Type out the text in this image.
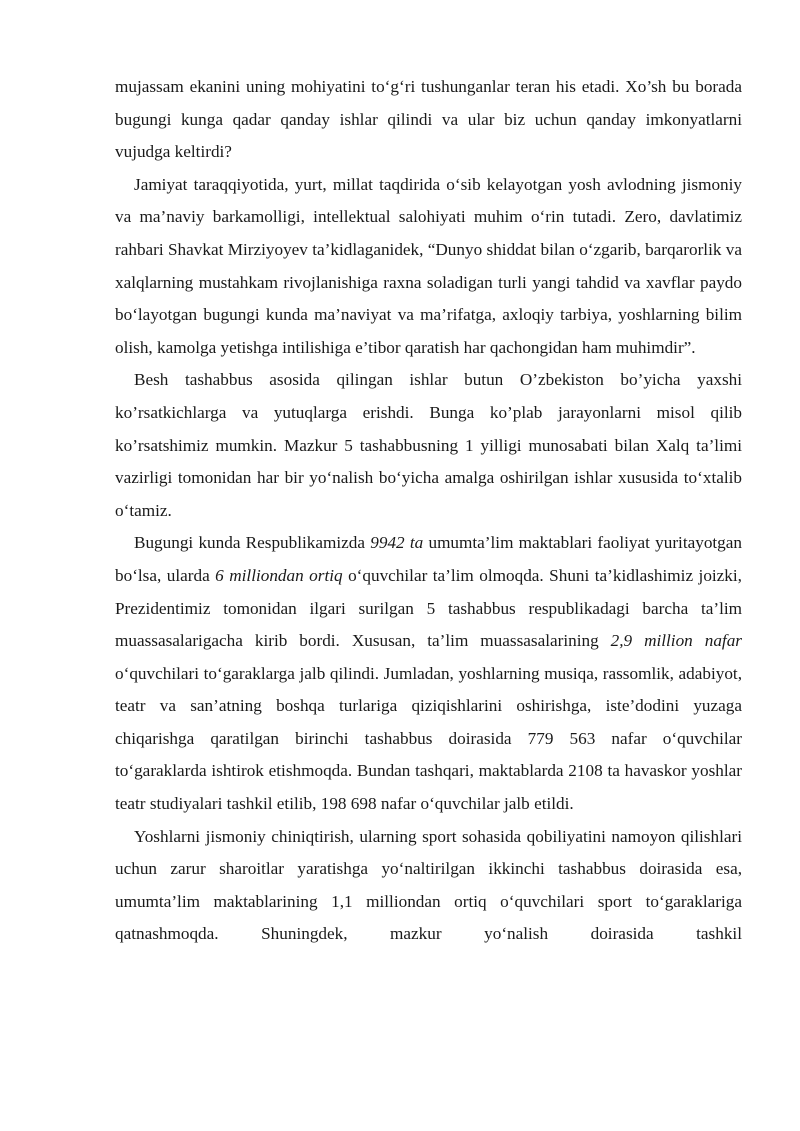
mujassam ekanini uning mohiyatini to‘g‘ri tushunganlar teran his etadi. Xo’sh bu borada bugungi kunga qadar qanday ishlar qilindi va ular biz uchun qanday imkonyatlarni vujudga keltirdi?

Jamiyat taraqqiyotida, yurt, millat taqdirida o‘sib kelayotgan yosh avlodning jismoniy va ma’naviy barkamolligi, intellektual salohiyati muhim o‘rin tutadi. Zero, davlatimiz rahbari Shavkat Mirziyoyev ta’kidlaganidek, “Dunyo shiddat bilan o‘zgarib, barqarorlik va xalqlarning mustahkam rivojlanishiga raxna soladigan turli yangi tahdid va xavflar paydo bo‘layotgan bugungi kunda ma’naviyat va ma’rifatga, axloqiy tarbiya, yoshlarning bilim olish, kamolga yetishga intilishiga e’tibor qaratish har qachongidan ham muhimdir”.

Besh tashabbus asosida qilingan ishlar butun O’zbekiston bo’yicha yaxshi ko’rsatkichlarga va yutuqlarga erishdi. Bunga ko’plab jarayonlarni misol qilib ko’rsatshimiz mumkin. Mazkur 5 tashabbusning 1 yilligi munosabati bilan Xalq ta’limi vazirligi tomonidan har bir yo‘nalish bo‘yicha amalga oshirilgan ishlar xususida to‘xtalib o‘tamiz.

Bugungi kunda Respublikamizda 9942 ta umumta’lim maktablari faoliyat yuritayotgan bo‘lsa, ularda 6 milliondan ortiq o‘quvchilar ta’lim olmoqda. Shuni ta’kidlashimiz joizki, Prezidentimiz tomonidan ilgari surilgan 5 tashabbus respublikadagi barcha ta’lim muassasalarigacha kirib bordi. Xususan, ta’lim muassasalarining 2,9 million nafar o‘quvchilari to‘garaklarga jalb qilindi. Jumladan, yoshlarning musiqa, rassomlik, adabiyot, teatr va san’atning boshqa turlariga qiziqishlarini oshirishga, iste’dodini yuzaga chiqarishga qaratilgan birinchi tashabbus doirasida 779 563 nafar o‘quvchilar to‘garaklarda ishtirok etishmoqda. Bundan tashqari, maktablarda 2108 ta havaskor yoshlar teatr studiyalari tashkil etilib, 198 698 nafar o‘quvchilar jalb etildi.

Yoshlarni jismoniy chiniqtirish, ularning sport sohasida qobiliyatini namoyon qilishlari uchun zarur sharoitlar yaratishga yo‘naltirilgan ikkinchi tashabbus doirasida esa, umumta’lim maktablarining 1,1 milliondan ortiq o‘quvchilari sport to‘garaklariga qatnashmoqda. Shuningdek, mazkur yo‘nalish doirasida tashkil
